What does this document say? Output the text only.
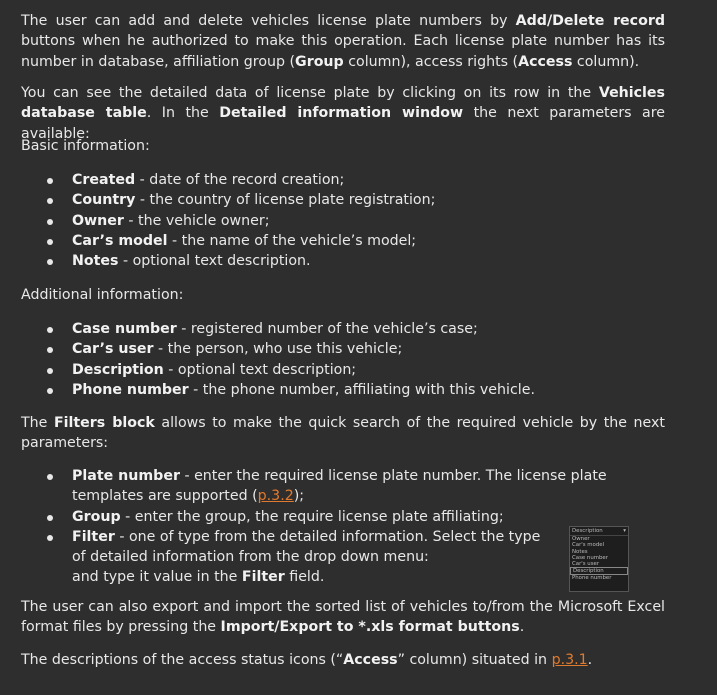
The user can add and delete vehicles license plate numbers by Add/Delete record buttons when he authorized to make this operation. Each license plate number has its number in database, affiliation group (Group column), access rights (Access column).

You can see the detailed data of license plate by clicking on its row in the Vehicles database table. In the Detailed information window the next parameters are available:

Basic information:

Created - date of the record creation;
Country - the country of license plate registration;
Owner - the vehicle owner;
Car’s model - the name of the vehicle’s model;
Notes - optional text description.

Additional information:

Case number - registered number of the vehicle’s case;
Car’s user - the person, who use this vehicle;
Description - optional text description;
Phone number - the phone number, affiliating with this vehicle.

The Filters block allows to make the quick search of the required vehicle by the next parameters:

Plate number - enter the required license plate number. The license plate templates are supported (p.3.2);
Group - enter the group, the require license plate affiliating;
Filter - one of type from the detailed information. Select the type of detailed information from the drop down menu:
and type it value in the Filter field.
Description	▾
Owner
Car's model
Notes
Case number
Car's user
Description
Phone number

The user can also export and import the sorted list of vehicles to/from the Microsoft Excel format files by pressing the Import/Export to *.xls format buttons.

The descriptions of the access status icons (“Access” column) situated in p.3.1.
